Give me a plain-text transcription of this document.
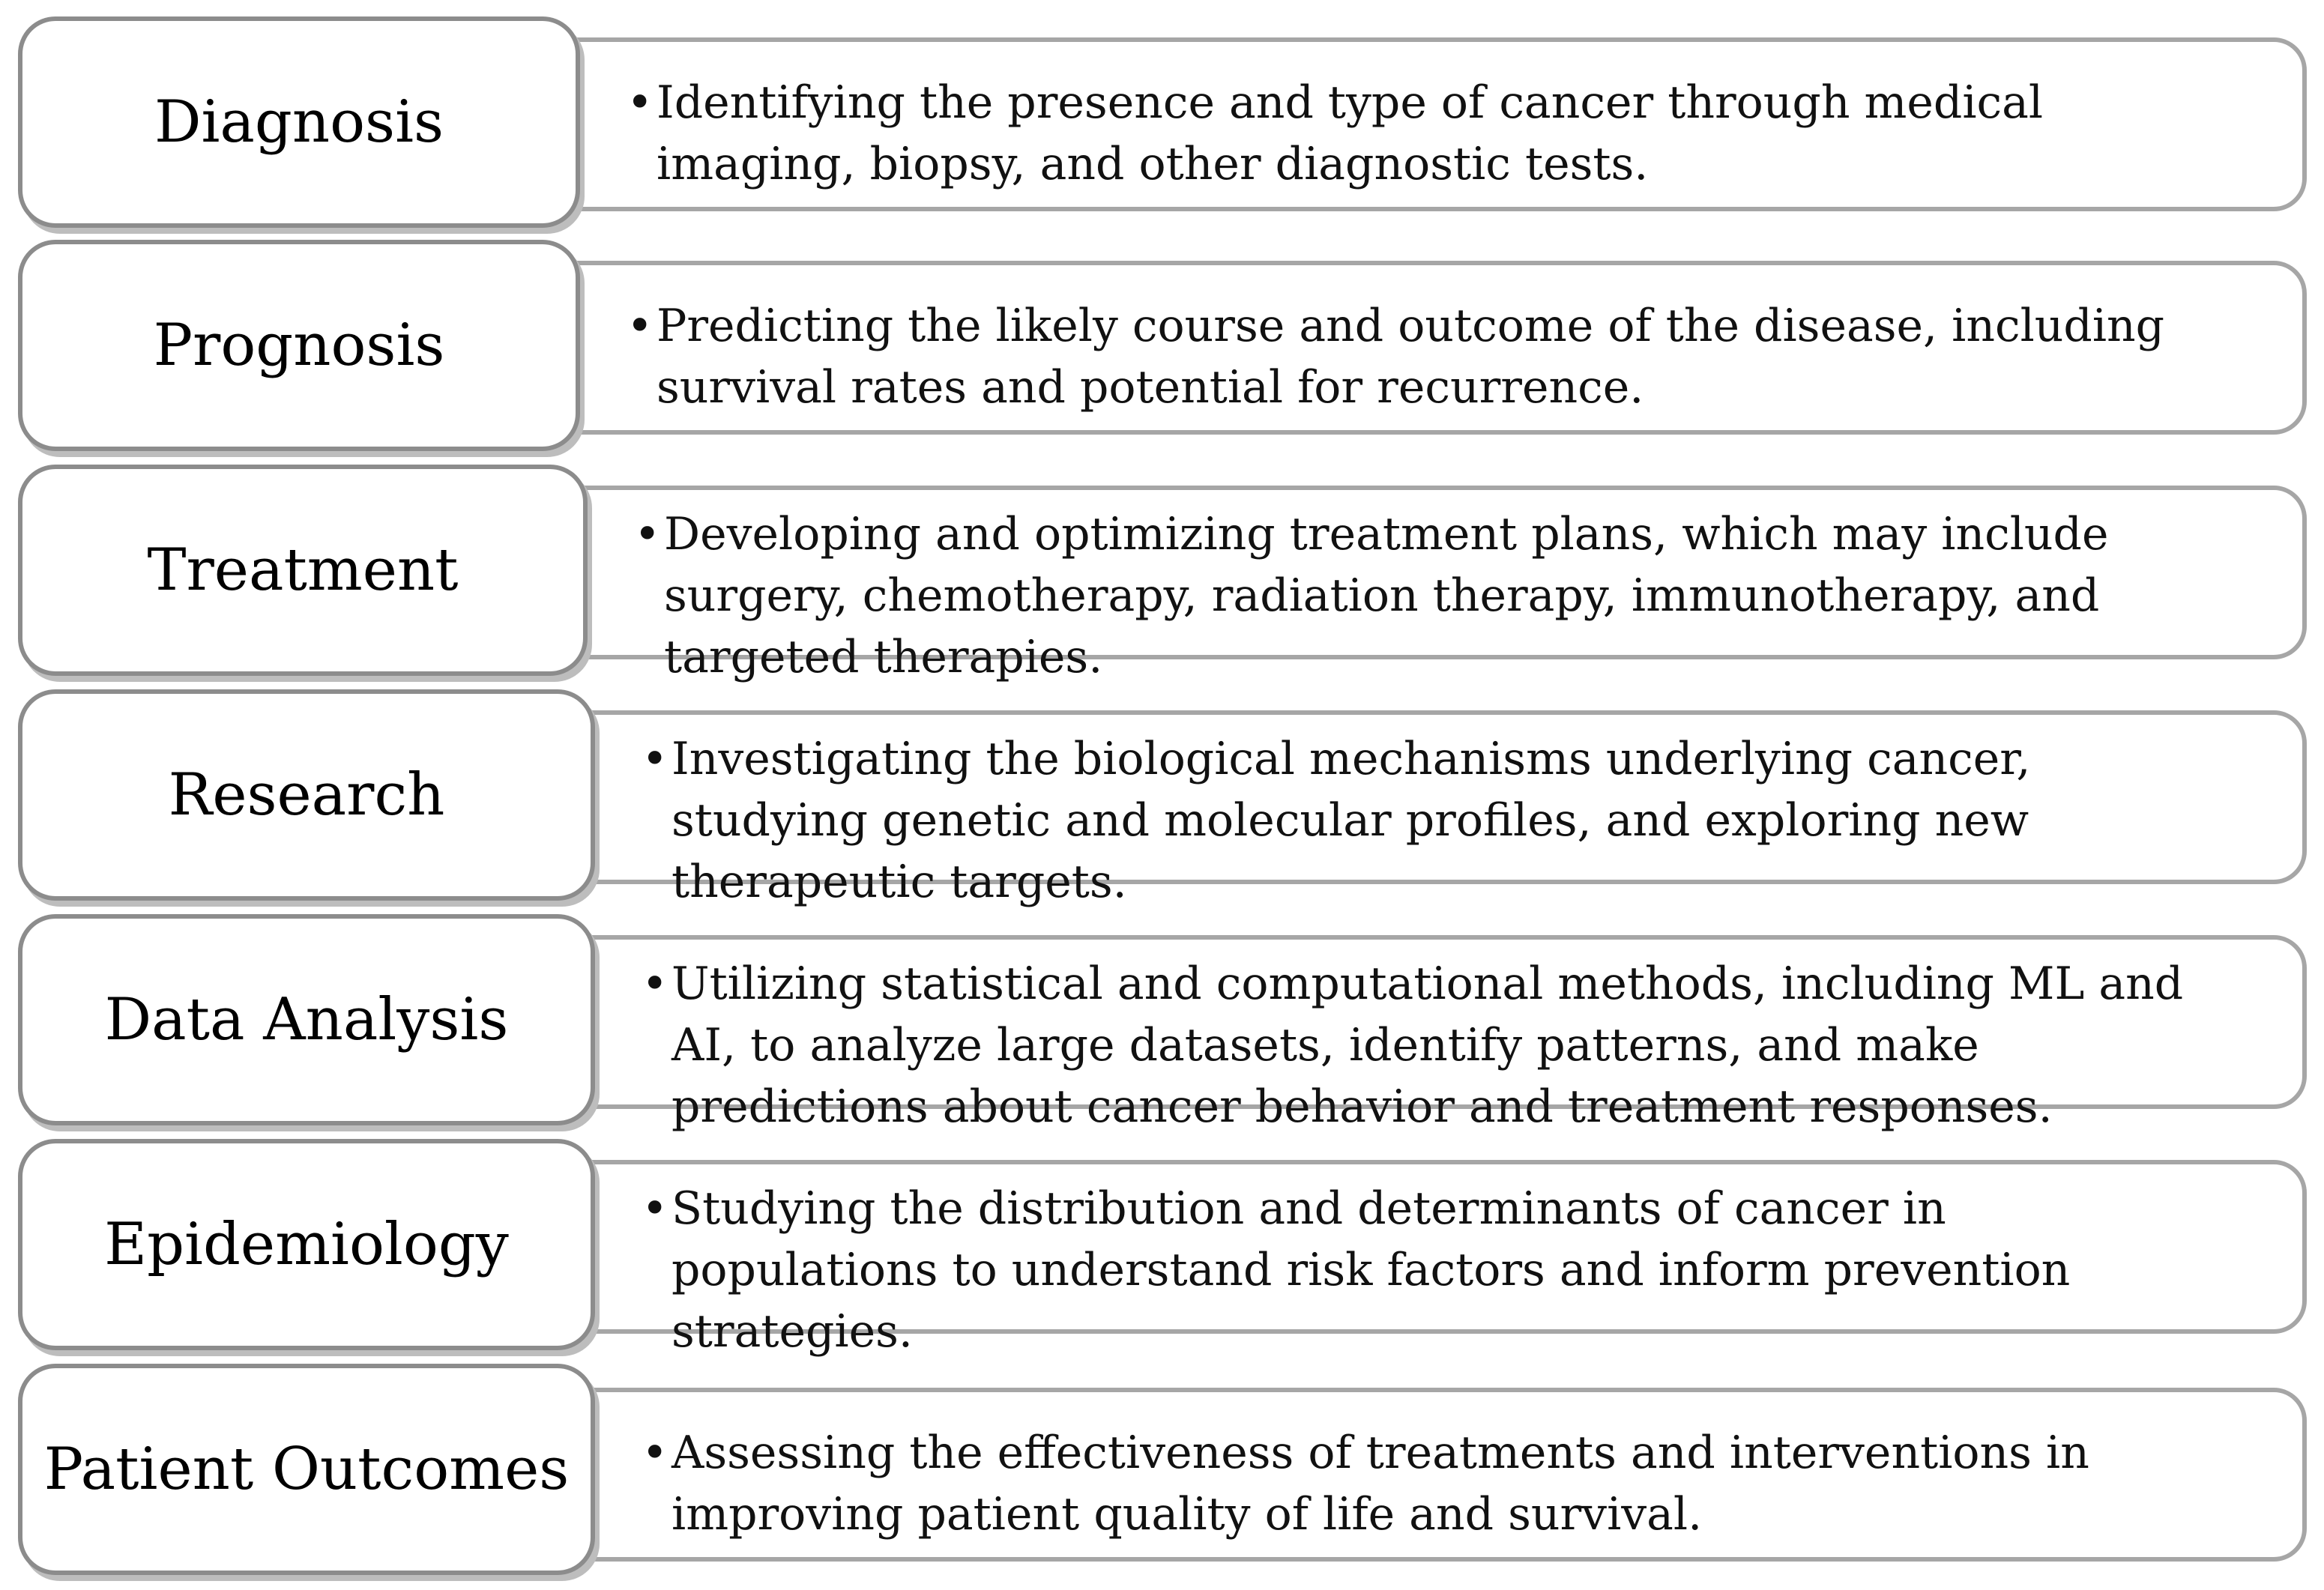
• Identifying the presence and type of cancer through medical imaging, biopsy, and other diagnostic tests.
Diagnosis
• Predicting the likely course and outcome of the disease, including survival rates and potential for recurrence.
Prognosis
• Developing and optimizing treatment plans, which may include surgery, chemotherapy, radiation therapy, immunotherapy, and targeted therapies.
Treatment
• Investigating the biological mechanisms underlying cancer, studying genetic and molecular profiles, and exploring new therapeutic targets.
Research
• Utilizing statistical and computational methods, including ML and AI, to analyze large datasets, identify patterns, and make predictions about cancer behavior and treatment responses.
Data Analysis
• Studying the distribution and determinants of cancer in populations to understand risk factors and inform prevention strategies.
Epidemiology
• Assessing the effectiveness of treatments and interventions in improving patient quality of life and survival.
Patient Outcomes
